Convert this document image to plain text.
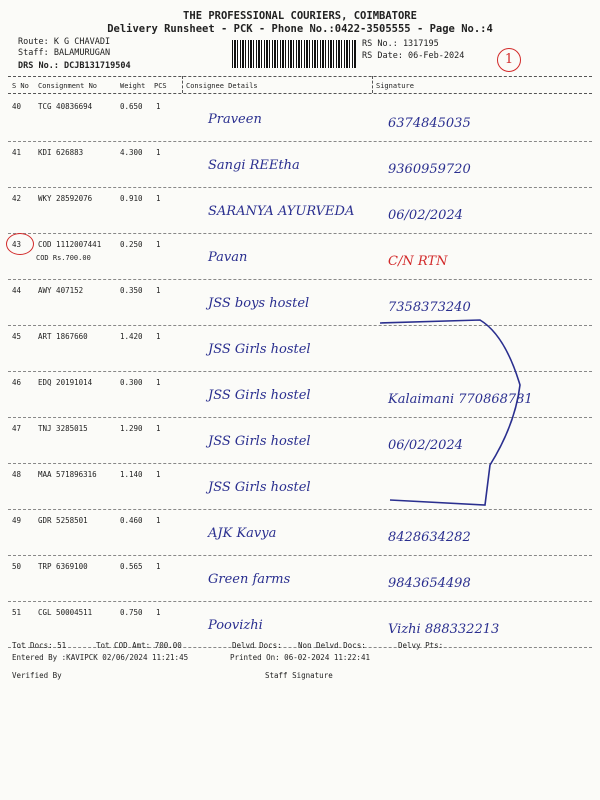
THE PROFESSIONAL COURIERS, COIMBATORE
Delivery Runsheet - PCK - Phone No.:0422-3505555 - Page No.:4
Route: K G CHAVADI
Staff: BALAMURUGAN
DRS No.: DCJB131719504
RS No.: 1317195
RS Date: 06-Feb-2024	1
S No Consignment No	Weight PCS	Consignee Details	Signature
40 TCG 40836694	0.650 1
Praveen	6374845035
41 KDI 626883	4.300 1
Sangi REEtha	9360959720
42 WKY 28592076	0.910 1
SARANYA AYURVEDA	06/02/2024
43 COD 1112007441	0.250 1
COD Rs.700.00	Pavan	C/N RTN
44 AWY 407152	0.350 1
JSS boys hostel	7358373240
45 ART 1867660	1.420 1
JSS Girls hostel
46 EDQ 20191014	0.300 1
JSS Girls hostel	Kalaimani 770868781
47 TNJ 3285015	1.290 1
JSS Girls hostel	06/02/2024
48 MAA 571896316	1.140 1
JSS Girls hostel
49 GDR 5258501	0.460 1
AJK Kavya	8428634282
50 TRP 6369100	0.565 1
Green farms	9843654498
51 CGL 50004511	0.750 1
Poovizhi	Vizhi 888332213
Tot Docs: 51	Tot COD Amt: 700.00	Delvd Docs: Non Delvd Docs:	Delvy Pts:
Entered By :KAVIPCK 02/06/2024 11:21:45	Printed On: 06-02-2024 11:22:41
Verified By	Staff Signature
